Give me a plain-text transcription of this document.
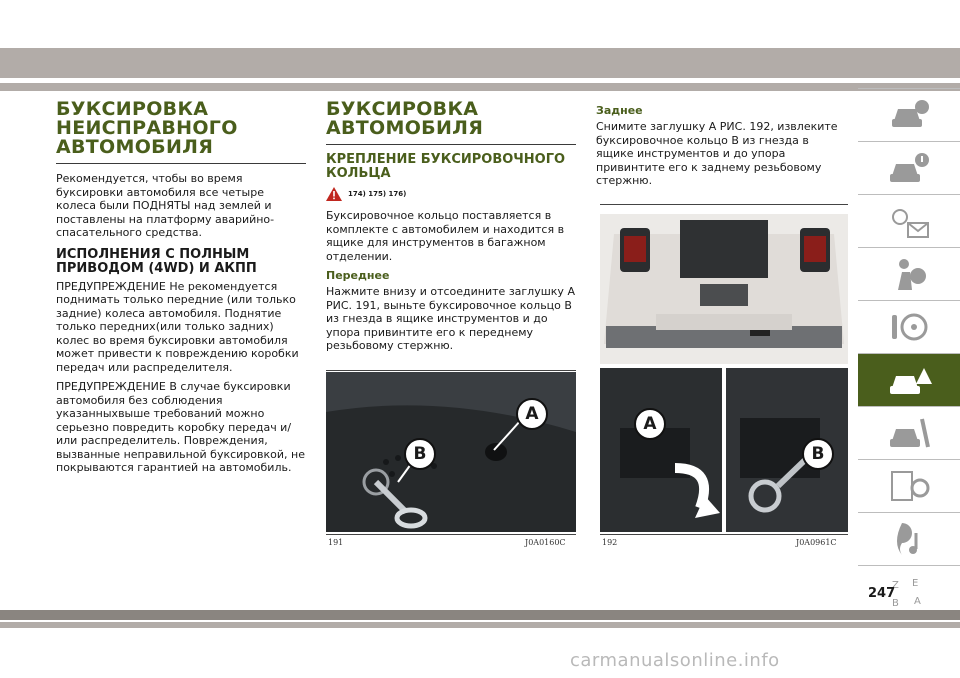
БУКСИРОВКА НЕИСПРАВНОГО АВТОМОБИЛЯ

Рекомендуется, чтобы во время буксировки автомобиля все четыре колеса были ПОДНЯТЫ над землей и поставлены на платформу аварийно-спасательного средства.

ИСПОЛНЕНИЯ С ПОЛНЫМ ПРИВОДОМ (4WD) И АКПП

ПРЕДУПРЕЖДЕНИЕ Не рекомендуется поднимать только передние (или только задние) колеса автомобиля. Поднятие только передних(или только задних) колес во время буксировки автомобиля может привести к повреждению коробки передач или распределителя.

ПРЕДУПРЕЖДЕНИЕ В случае буксировки автомобиля без соблюдения указанныхвыше требований можно серьезно повредить коробку передач и/или распределитель. Повреждения, вызванные неправильной буксировкой, не покрываются гарантией на автомобиль.

БУКСИРОВКА АВТОМОБИЛЯ
КРЕПЛЕНИЕ БУКСИРОВОЧНОГО КОЛЬЦА
174) 175) 176)

Буксировочное кольцо поставляется в комплекте с автомобилем и находится в ящике для инструментов в багажном отделении.

Переднее

Нажмите внизу и отсоедините заглушку A РИС. 191, выньте буксировочное кольцо B из гнезда в ящике инструментов и до упора привинтите его к переднему резьбовому стержню.

Заднее

Снимите заглушку A РИС. 192, извлеките буксировочное кольцо B из гнезда в ящике инструментов и до упора привинтите его к заднему резьбовому стержню.

A
B
191	J0A0160C
A
B
192	J0A0961C
Z E
B A
247
carmanualsonline.info
